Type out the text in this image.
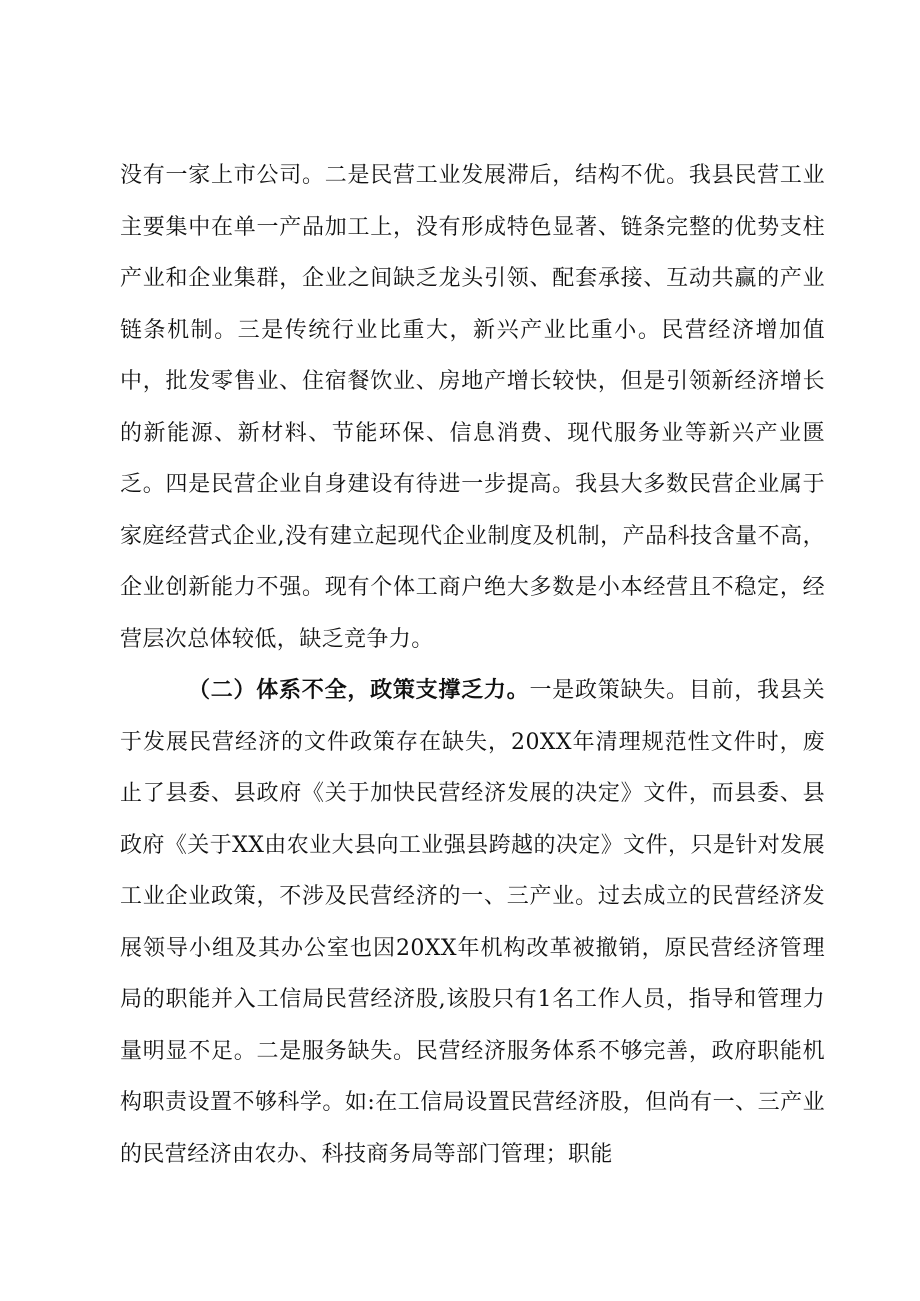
没有一家上市公司。二是民营工业发展滞后，结构不优。我县民营工业主要集中在单一产品加工上，没有形成特色显著、链条完整的优势支柱产业和企业集群，企业之间缺乏龙头引领、配套承接、互动共赢的产业链条机制。三是传统行业比重大，新兴产业比重小。民营经济增加值中，批发零售业、住宿餐饮业、房地产增长较快，但是引领新经济增长的新能源、新材料、节能环保、信息消费、现代服务业等新兴产业匮乏。四是民营企业自身建设有待进一步提高。我县大多数民营企业属于家庭经营式企业,没有建立起现代企业制度及机制，产品科技含量不高，企业创新能力不强。现有个体工商户绝大多数是小本经营且不稳定，经营层次总体较低，缺乏竞争力。

（二）体系不全，政策支撑乏力。一是政策缺失。目前，我县关于发展民营经济的文件政策存在缺失，20XX年清理规范性文件时，废止了县委、县政府《关于加快民营经济发展的决定》文件，而县委、县政府《关于XX由农业大县向工业强县跨越的决定》文件，只是针对发展工业企业政策，不涉及民营经济的一、三产业。过去成立的民营经济发展领导小组及其办公室也因20XX年机构改革被撤销，原民营经济管理局的职能并入工信局民营经济股,该股只有1名工作人员，指导和管理力量明显不足。二是服务缺失。民营经济服务体系不够完善，政府职能机构职责设置不够科学。如:在工信局设置民营经济股，但尚有一、三产业的民营经济由农办、科技商务局等部门管理；职能
